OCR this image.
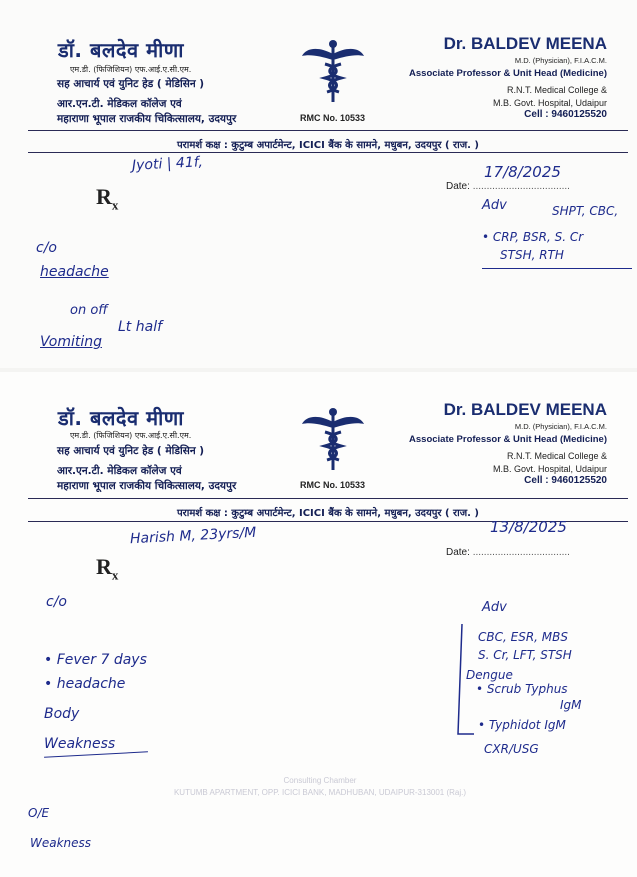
डॉ. बलदेव मीणा
एम.डी. (फिजिशियन) एफ.आई.ए.सी.एम.
सह आचार्य एवं युनिट हेड ( मेडिसिन )
आर.एन.टी. मेडिकल कॉलेज एवं
महाराणा भूपाल राजकीय चिकित्सालय, उदयपुर	RMC No. 10533
Dr. BALDEV MEENA
M.D. (Physician), F.I.A.C.M.
Associate Professor & Unit Head (Medicine)
R.N.T. Medical College &
M.B. Govt. Hospital, Udaipur
Cell : 9460125520
परामर्श कक्ष : कुटुम्ब अपार्टमेन्ट, ICICI बैंक के सामने, मधुबन, उदयपुर ( राज. )
$R_x$
Date: ...................................
Jyoti | 41f,	17/8/2025
c/o
headache
on off
Lt half
Vomiting
Adv	SHPT, CBC,
• CRP, BSR, S. Cr
STSH, RTH
डॉ. बलदेव मीणा
एम.डी. (फिजिशियन) एफ.आई.ए.सी.एम.
सह आचार्य एवं युनिट हेड ( मेडिसिन )
आर.एन.टी. मेडिकल कॉलेज एवं
महाराणा भूपाल राजकीय चिकित्सालय, उदयपुर	RMC No. 10533
Dr. BALDEV MEENA
M.D. (Physician), F.I.A.C.M.
Associate Professor & Unit Head (Medicine)
R.N.T. Medical College &
M.B. Govt. Hospital, Udaipur
Cell : 9460125520
परामर्श कक्ष : कुटुम्ब अपार्टमेन्ट, ICICI बैंक के सामने, मधुबन, उदयपुर ( राज. )
$R_x$
Date: ...................................
Harish M, 23yrs/M	13/8/2025
c/o
• Fever 7 days
• headache
Body
Weakness
Adv
CBC, ESR, MBS
S. Cr, LFT, STSH
Dengue
• Scrub Typhus
IgM
• Typhidot IgM
CXR/USG
Consulting Chamber
KUTUMB APARTMENT, OPP. ICICI BANK, MADHUBAN, UDAIPUR-313001 (Raj.)
O/E
Weakness
